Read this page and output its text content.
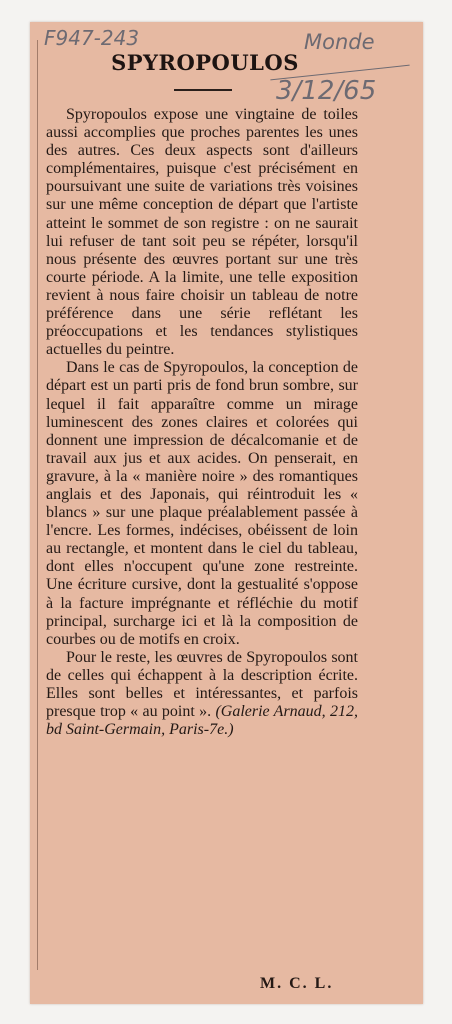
F947-243	Monde
3/12/65
SPYROPOULOS

Spyropoulos expose une vingtaine de toiles aussi accomplies que proches parentes les unes des autres. Ces deux aspects sont d'ailleurs complémentaires, puisque c'est précisément en poursuivant une suite de variations très voisines sur une même conception de départ que l'artiste atteint le sommet de son registre : on ne saurait lui refuser de tant soit peu se répéter, lorsqu'il nous présente des œuvres portant sur une très courte période. A la limite, une telle exposition revient à nous faire choisir un tableau de notre préférence dans une série reflétant les préoccupations et les tendances stylistiques actuelles du peintre.

Dans le cas de Spyropoulos, la conception de départ est un parti pris de fond brun sombre, sur lequel il fait apparaître comme un mirage luminescent des zones claires et colorées qui donnent une impression de décalcomanie et de travail aux jus et aux acides. On penserait, en gravure, à la « manière noire » des romantiques anglais et des Japonais, qui réintroduit les « blancs » sur une plaque préalablement passée à l'encre. Les formes, indécises, obéissent de loin au rectangle, et montent dans le ciel du tableau, dont elles n'occupent qu'une zone restreinte. Une écriture cursive, dont la gestualité s'oppose à la facture imprégnante et réfléchie du motif principal, surcharge ici et là la composition de courbes ou de motifs en croix.

Pour le reste, les œuvres de Spyropoulos sont de celles qui échappent à la description écrite. Elles sont belles et intéressantes, et parfois presque trop « au point ». (Galerie Arnaud, 212, bd Saint-Germain, Paris-7e.)

M. C. L.
